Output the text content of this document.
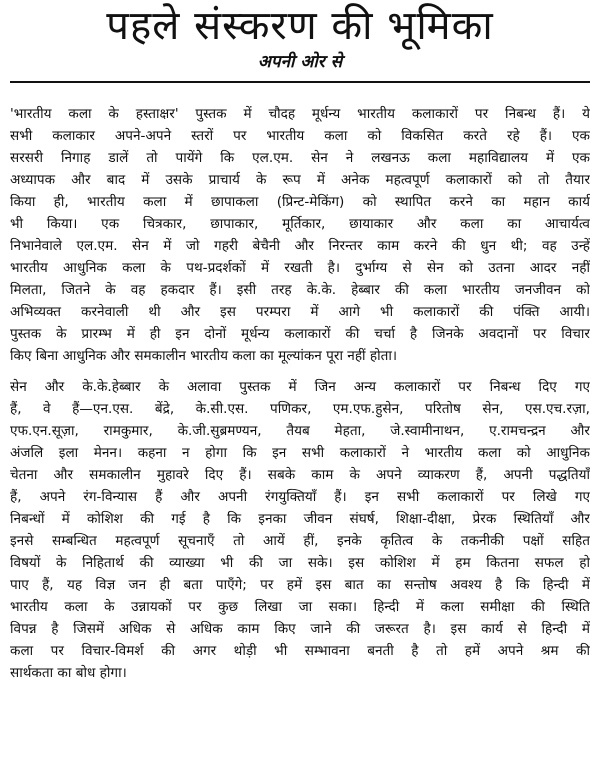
पहले संस्करण की भूमिका
अपनी ओर से

'भारतीय कला के हस्ताक्षर' पुस्तक में चौदह मूर्धन्य भारतीय कलाकारों पर निबन्ध हैं। ये
सभी कलाकार अपने-अपने स्तरों पर भारतीय कला को विकसित करते रहे हैं। एक
सरसरी निगाह डालें तो पायेंगे कि एल.एम. सेन ने लखनऊ कला महाविद्यालय में एक
अध्यापक और बाद में उसके प्राचार्य के रूप में अनेक महत्वपूर्ण कलाकारों को तो तैयार
किया ही, भारतीय कला में छापाकला (प्रिन्ट-मेकिंग) को स्थापित करने का महान कार्य
भी किया। एक चित्रकार, छापाकार, मूर्तिकार, छायाकार और कला का आचार्यत्व
निभानेवाले एल.एम. सेन में जो गहरी बेचैनी और निरन्तर काम करने की धुन थी; वह उन्हें
भारतीय आधुनिक कला के पथ-प्रदर्शकों में रखती है। दुर्भाग्य से सेन को उतना आदर नहीं
मिलता, जितने के वह हकदार हैं। इसी तरह के.के. हेब्बार की कला भारतीय जनजीवन को
अभिव्यक्त करनेवाली थी और इस परम्परा में आगे भी कलाकारों की पंक्ति आयी।
पुस्तक के प्रारम्भ में ही इन दोनों मूर्धन्य कलाकारों की चर्चा है जिनके अवदानों पर विचार
किए बिना आधुनिक और समकालीन भारतीय कला का मूल्यांकन पूरा नहीं होता।

सेन और के.के.हेब्बार के अलावा पुस्तक में जिन अन्य कलाकारों पर निबन्ध दिए गए
हैं, वे हैं—एन.एस. बेंद्रे, के.सी.एस. पणिकर, एम.एफ.हुसेन, परितोष सेन, एस.एच.रज़ा,
एफ.एन.सूज़ा, रामकुमार, के.जी.सुब्रमण्यन, तैयब मेहता, जे.स्वामीनाथन, ए.रामचन्द्रन और
अंजलि इला मेनन। कहना न होगा कि इन सभी कलाकारों ने भारतीय कला को आधुनिक
चेतना और समकालीन मुहावरे दिए हैं। सबके काम के अपने व्याकरण हैं, अपनी पद्धतियाँ
हैं, अपने रंग-विन्यास हैं और अपनी रंगयुक्तियाँ हैं। इन सभी कलाकारों पर लिखे गए
निबन्धों में कोशिश की गई है कि इनका जीवन संघर्ष, शिक्षा-दीक्षा, प्रेरक स्थितियाँ और
इनसे सम्बन्धित महत्वपूर्ण सूचनाएँ तो आयें हीं, इनके कृतित्व के तकनीकी पक्षों सहित
विषयों के निहितार्थ की व्याख्या भी की जा सके। इस कोशिश में हम कितना सफल हो
पाए हैं, यह विज्ञ जन ही बता पाएँगे; पर हमें इस बात का सन्तोष अवश्य है कि हिन्दी में
भारतीय कला के उन्नायकों पर कुछ लिखा जा सका। हिन्दी में कला समीक्षा की स्थिति
विपन्न है जिसमें अधिक से अधिक काम किए जाने की जरूरत है। इस कार्य से हिन्दी में
कला पर विचार-विमर्श की अगर थोड़ी भी सम्भावना बनती है तो हमें अपने श्रम की
सार्थकता का बोध होगा।
